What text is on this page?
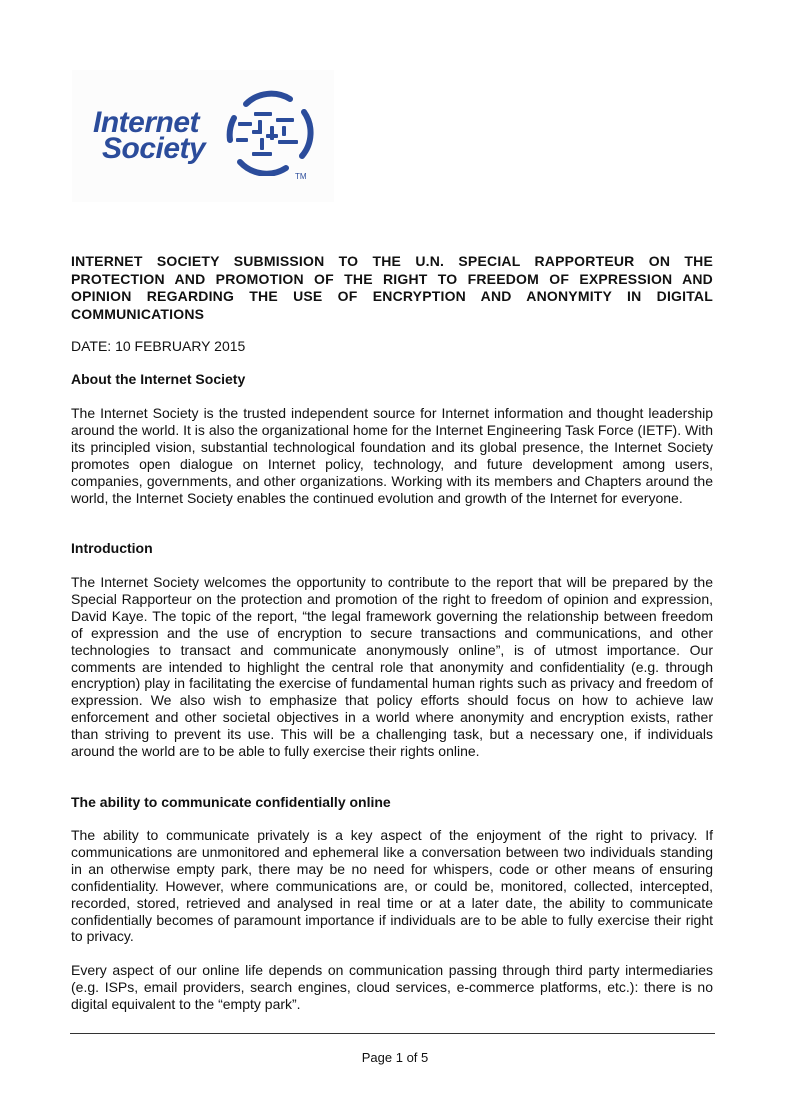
Internet
Society
TM

INTERNET SOCIETY SUBMISSION TO THE U.N. SPECIAL RAPPORTEUR ON THE PROTECTION AND PROMOTION OF THE RIGHT TO FREEDOM OF EXPRESSION AND OPINION REGARDING THE USE OF ENCRYPTION AND ANONYMITY IN DIGITAL COMMUNICATIONS

DATE: 10 FEBRUARY 2015

About the Internet Society

The Internet Society is the trusted independent source for Internet information and thought leadership around the world. It is also the organizational home for the Internet Engineering Task Force (IETF). With its principled vision, substantial technological foundation and its global presence, the Internet Society promotes open dialogue on Internet policy, technology, and future development among users, companies, governments, and other organizations. Working with its members and Chapters around the world, the Internet Society enables the continued evolution and growth of the Internet for everyone.

Introduction

The Internet Society welcomes the opportunity to contribute to the report that will be prepared by the Special Rapporteur on the protection and promotion of the right to freedom of opinion and expression, David Kaye. The topic of the report, “the legal framework governing the relationship between freedom of expression and the use of encryption to secure transactions and communications, and other technologies to transact and communicate anonymously online”, is of utmost importance. Our comments are intended to highlight the central role that anonymity and confidentiality (e.g. through encryption) play in facilitating the exercise of fundamental human rights such as privacy and freedom of expression. We also wish to emphasize that policy efforts should focus on how to achieve law enforcement and other societal objectives in a world where anonymity and encryption exists, rather than striving to prevent its use. This will be a challenging task, but a necessary one, if individuals around the world are to be able to fully exercise their rights online.

The ability to communicate confidentially online

The ability to communicate privately is a key aspect of the enjoyment of the right to privacy. If communications are unmonitored and ephemeral like a conversation between two individuals standing in an otherwise empty park, there may be no need for whispers, code or other means of ensuring confidentiality. However, where communications are, or could be, monitored, collected, intercepted, recorded, stored, retrieved and analysed in real time or at a later date, the ability to communicate confidentially becomes of paramount importance if individuals are to be able to fully exercise their right to privacy.

Every aspect of our online life depends on communication passing through third party intermediaries (e.g. ISPs, email providers, search engines, cloud services, e-commerce platforms, etc.): there is no digital equivalent to the “empty park”.

Page 1 of 5
